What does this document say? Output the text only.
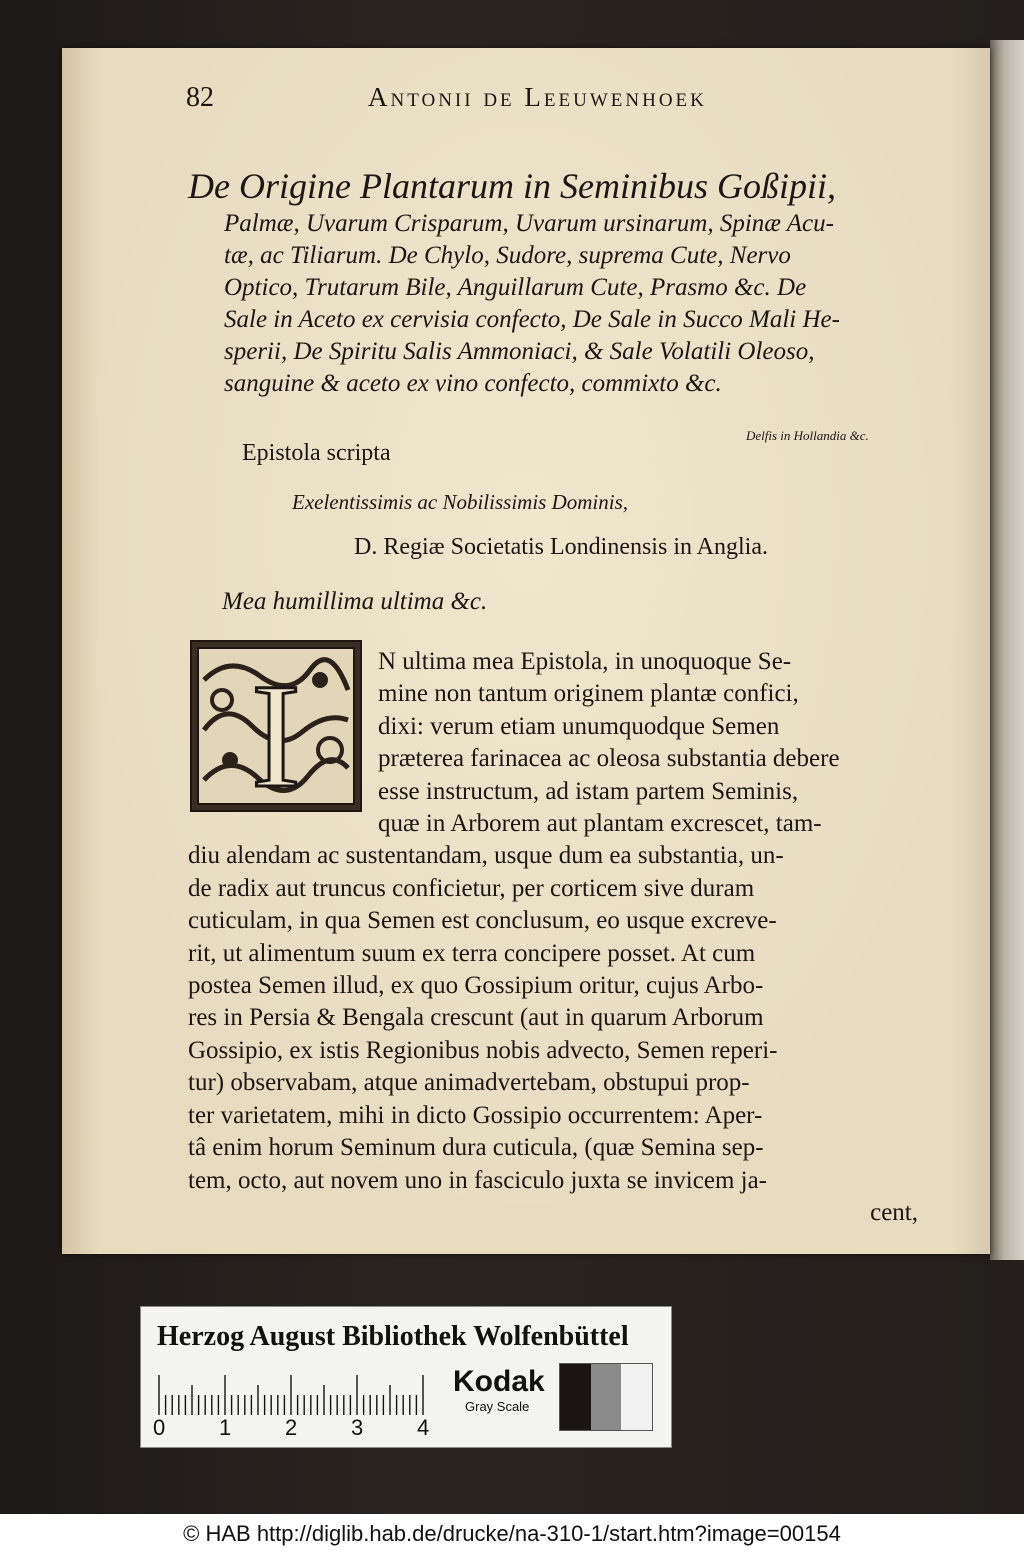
82	Antonii de Leeuwenhoek
De Origine Plantarum in Seminibus Goßipii,
Palmæ, Uvarum Crisparum, Uvarum ursinarum, Spinæ Acu-
tæ, ac Tiliarum. De Chylo, Sudore, suprema Cute, Nervo
Optico, Trutarum Bile, Anguillarum Cute, Prasmo &c. De
Sale in Aceto ex cervisia confecto, De Sale in Succo Mali He-
sperii, De Spiritu Salis Ammoniaci, & Sale Volatili Oleoso,
sanguine & aceto ex vino confecto, commixto &c.
Delfis in Hollandia &c.
Epistola scripta
Exelentissimis ac Nobilissimis Dominis,
D. Regiæ Societatis Londinensis in Anglia.
Mea humillima ultima &c.
I	N ultima mea Epistola, in unoquoque Se-
mine non tantum originem plantæ confici,
dixi: verum etiam unumquodque Semen
præterea farinacea ac oleosa substantia debere
esse instructum, ad istam partem Seminis,
quæ in Arborem aut plantam excrescet, tam-
diu alendam ac sustentandam, usque dum ea substantia, un-
de radix aut truncus conficietur, per corticem sive duram
cuticulam, in qua Semen est conclusum, eo usque excreve-
rit, ut alimentum suum ex terra concipere posset. At cum
postea Semen illud, ex quo Gossipium oritur, cujus Arbo-
res in Persia & Bengala crescunt (aut in quarum Arborum
Gossipio, ex istis Regionibus nobis advecto, Semen reperi-
tur) observabam, atque animadvertebam, obstupui prop-
ter varietatem, mihi in dicto Gossipio occurrentem: Aper-
tâ enim horum Seminum dura cuticula, (quæ Semina sep-
tem, octo, aut novem uno in fasciculo juxta se invicem ja-
cent,
Herzog August Bibliothek Wolfenbüttel
0 1 2 3 4
Kodak
Gray Scale
© HAB http://diglib.hab.de/drucke/na-310-1/start.htm?image=00154
